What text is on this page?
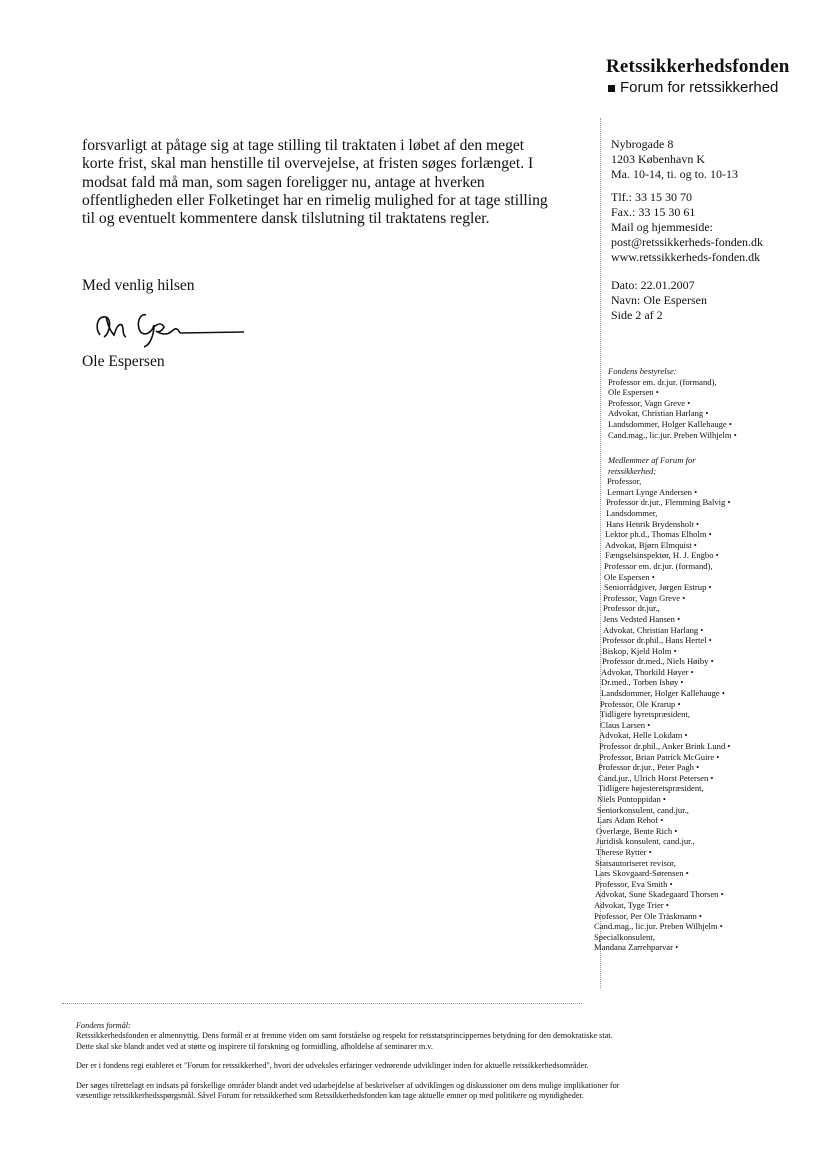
Retssikkerhedsfonden
Forum for retssikkerhed

forsvarligt at påtage sig at tage stilling til traktaten i løbet af den meget

korte frist, skal man henstille til overvejelse, at fristen søges forlænget. I

modsat fald må man, som sagen foreligger nu, antage at hverken

offentligheden eller Folketinget har en rimelig mulighed for at tage stilling

til og eventuelt kommentere dansk tilslutning til traktatens regler.

Med venlig hilsen
Ole Espersen
Nybrogade 8
1203 København K
Ma. 10-14, ti. og to. 10-13
Tlf.: 33 15 30 70
Fax.: 33 15 30 61
Mail og hjemmeside:
post@retssikkerheds-fonden.dk
www.retssikkerheds-fonden.dk
Dato: 22.01.2007
Navn: Ole Espersen
Side 2 af 2
Fondens bestyrelse:
Professor em. dr.jur. (formand),
Ole Espersen •
Professor, Vagn Greve •
Advokat, Christian Harlang •
Landsdommer, Holger Kallehauge •
Cand.mag., lic.jur. Preben Wilhjelm •
Medlemmer af Forum for
retssikkerhed:
Professor,
Lennart Lynge Andersen •
Professor dr.jur., Flemming Balvig •
Landsdommer,
Hans Henrik Brydensholt •
Lektor ph.d., Thomas Elholm •
Advokat, Bjørn Elmquist •
Fængselsinspektør, H. J. Engbo •
Professor em. dr.jur. (formand),
Ole Espersen •
Seniorrådgiver, Jørgen Estrup •
Professor, Vagn Greve •
Professor dr.jur.,
Jens Vedsted Hansen •
Advokat, Christian Harlang •
Professor dr.phil., Hans Hertel •
Biskop, Kjeld Holm •
Professor dr.med., Niels Høiby •
Advokat, Thorkild Høyer •
Dr.med., Torben Ishøy •
Landsdommer, Holger Kallehauge •
Professor, Ole Krarup •
Tidligere byretspræsident,
Claus Larsen •
Advokat, Helle Lokdam •
Professor dr.phil., Anker Brink Lund •
Professor, Brian Patrick McGuire •
Professor dr.jur., Peter Pagh •
Cand.jur., Ulrich Horst Petersen •
Tidligere højesteretspræsident,
Niels Pontoppidan •
Seniorkonsulent, cand.jur.,
Lars Adam Rehof •
Overlæge, Bente Rich •
Juridisk konsulent, cand.jur.,
Therese Rytter •
Statsautoriseret revisor,
Lars Skovgaard-Sørensen •
Professor, Eva Smith •
Advokat, Sune Skadegaard Thorsen •
Advokat, Tyge Trier •
Professor, Per Ole Träskmann •
Cand.mag., lic.jur. Preben Wilhjelm •
Specialkonsulent,
Mandana Zarrehparvar •
Fondens formål:

Retssikkerhedsfonden er almennyttig. Dens formål er at fremme viden om samt forståelse og respekt for retsstatsprincippernes betydning for den demokratiske stat.
Dette skal ske blandt andet ved at støtte og inspirere til forskning og formidling, afholdelse af seminarer m.v.

Der er i fondens regi etableret et "Forum for retssikkerhed", hvori der udveksles erfaringer vedrørende udviklinger inden for aktuelle retssikkerhedsområder.

Der søges tilrettelagt en indsats på forskellige områder blandt andet ved udarbejdelse af beskrivelser af udviklingen og diskussioner om dens mulige implikationer for
væsentlige retssikkerhedsspørgsmål. Såvel Forum for retssikkerhed som Retssikkerhedsfonden kan tage aktuelle emner op med politikere og myndigheder.
